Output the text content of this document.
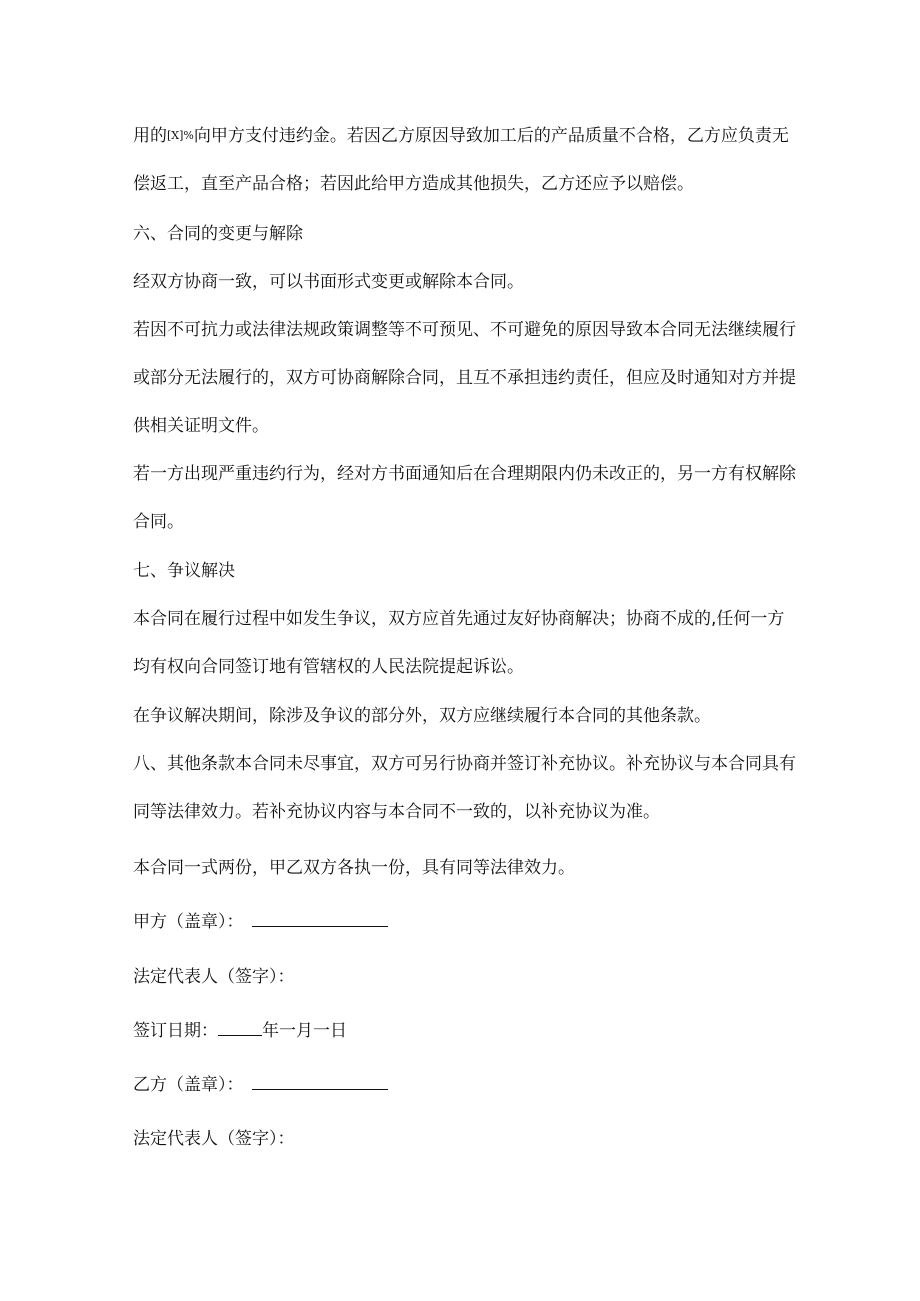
用的[X]%向甲方支付违约金。若因乙方原因导致加工后的产品质量不合格，乙方应负责无
偿返工，直至产品合格；若因此给甲方造成其他损失，乙方还应予以赔偿。
六、合同的变更与解除
经双方协商一致，可以书面形式变更或解除本合同。
若因不可抗力或法律法规政策调整等不可预见、不可避免的原因导致本合同无法继续履行
或部分无法履行的，双方可协商解除合同，且互不承担违约责任，但应及时通知对方并提
供相关证明文件。
若一方出现严重违约行为，经对方书面通知后在合理期限内仍未改正的，另一方有权解除
合同。
七、争议解决
本合同在履行过程中如发生争议，双方应首先通过友好协商解决；协商不成的,任何一方
均有权向合同签订地有管辖权的人民法院提起诉讼。
在争议解决期间，除涉及争议的部分外，双方应继续履行本合同的其他条款。
八、其他条款本合同未尽事宜，双方可另行协商并签订补充协议。补充协议与本合同具有
同等法律效力。若补充协议内容与本合同不一致的，以补充协议为准。
本合同一式两份，甲乙双方各执一份，具有同等法律效力。
甲方（盖章）：
法定代表人（签字）：
签订日期：	年一月一日
乙方（盖章）：
法定代表人（签字）：
